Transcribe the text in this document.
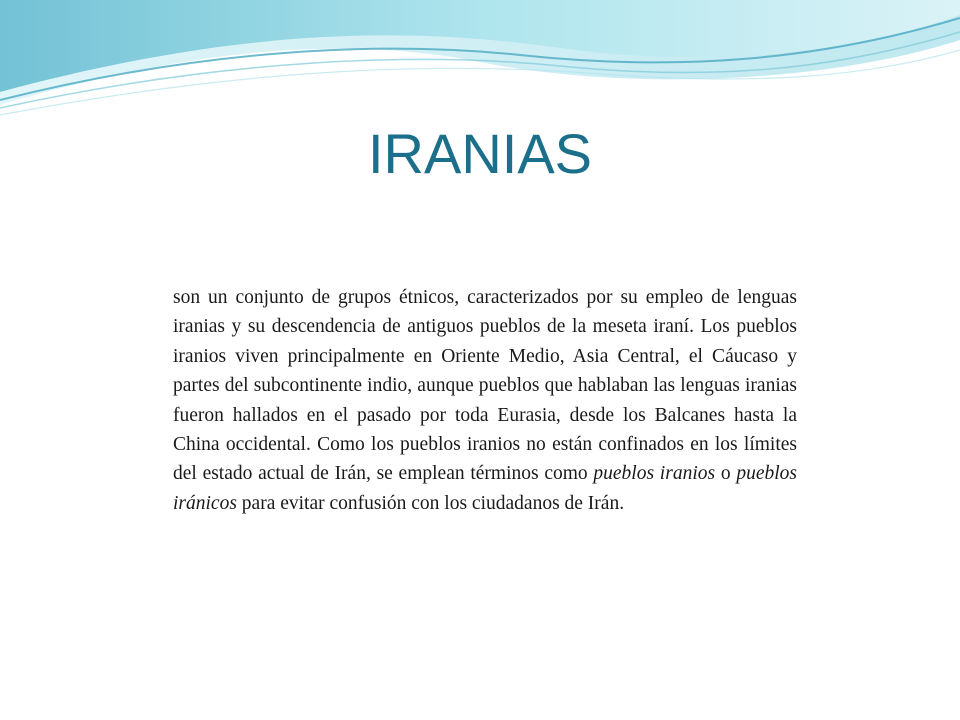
IRANIAS

son un conjunto de grupos étnicos, caracterizados por su empleo de lenguas iranias y su descendencia de antiguos pueblos de la meseta iraní. Los pueblos iranios viven principalmente en Oriente Medio, Asia Central, el Cáucaso y partes del subcontinente indio, aunque pueblos que hablaban las lenguas iranias fueron hallados en el pasado por toda Eurasia, desde los Balcanes hasta la China occidental. Como los pueblos iranios no están confinados en los límites del estado actual de Irán, se emplean términos como pueblos iranios o pueblos iránicos para evitar confusión con los ciudadanos de Irán.
